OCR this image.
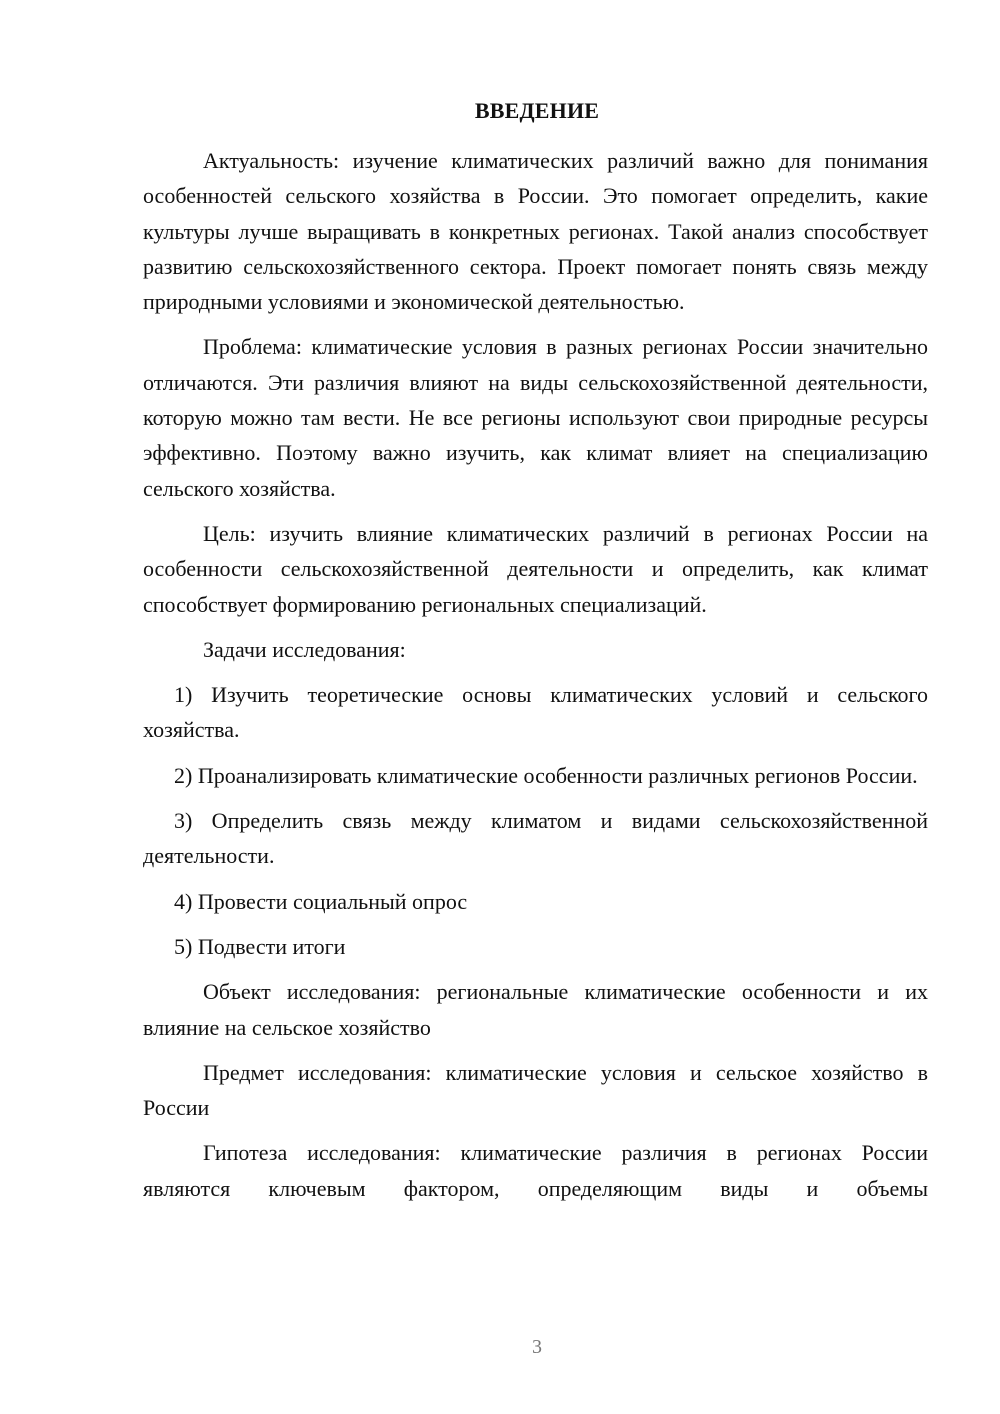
ВВЕДЕНИЕ

Актуальность: изучение климатических различий важно для понимания особенностей сельского хозяйства в России. Это помогает определить, какие культуры лучше выращивать в конкретных регионах. Такой анализ способствует развитию сельскохозяйственного сектора. Проект помогает понять связь между природными условиями и экономической деятельностью.

Проблема: климатические условия в разных регионах России значительно отличаются. Эти различия влияют на виды сельскохозяйственной деятельности, которую можно там вести. Не все регионы используют свои природные ресурсы эффективно. Поэтому важно изучить, как климат влияет на специализацию сельского хозяйства.

Цель: изучить влияние климатических различий в регионах России на особенности сельскохозяйственной деятельности и определить, как климат способствует формированию региональных специализаций.

Задачи исследования:

1) Изучить теоретические основы климатических условий и сельского хозяйства.

2) Проанализировать климатические особенности различных регионов России.

3) Определить связь между климатом и видами сельскохозяйственной деятельности.

4) Провести социальный опрос

5) Подвести итоги

Объект исследования: региональные климатические особенности и их влияние на сельское хозяйство

Предмет исследования: климатические условия и сельское хозяйство в России

Гипотеза исследования: климатические различия в регионах России являются ключевым фактором, определяющим виды и объемы

3
